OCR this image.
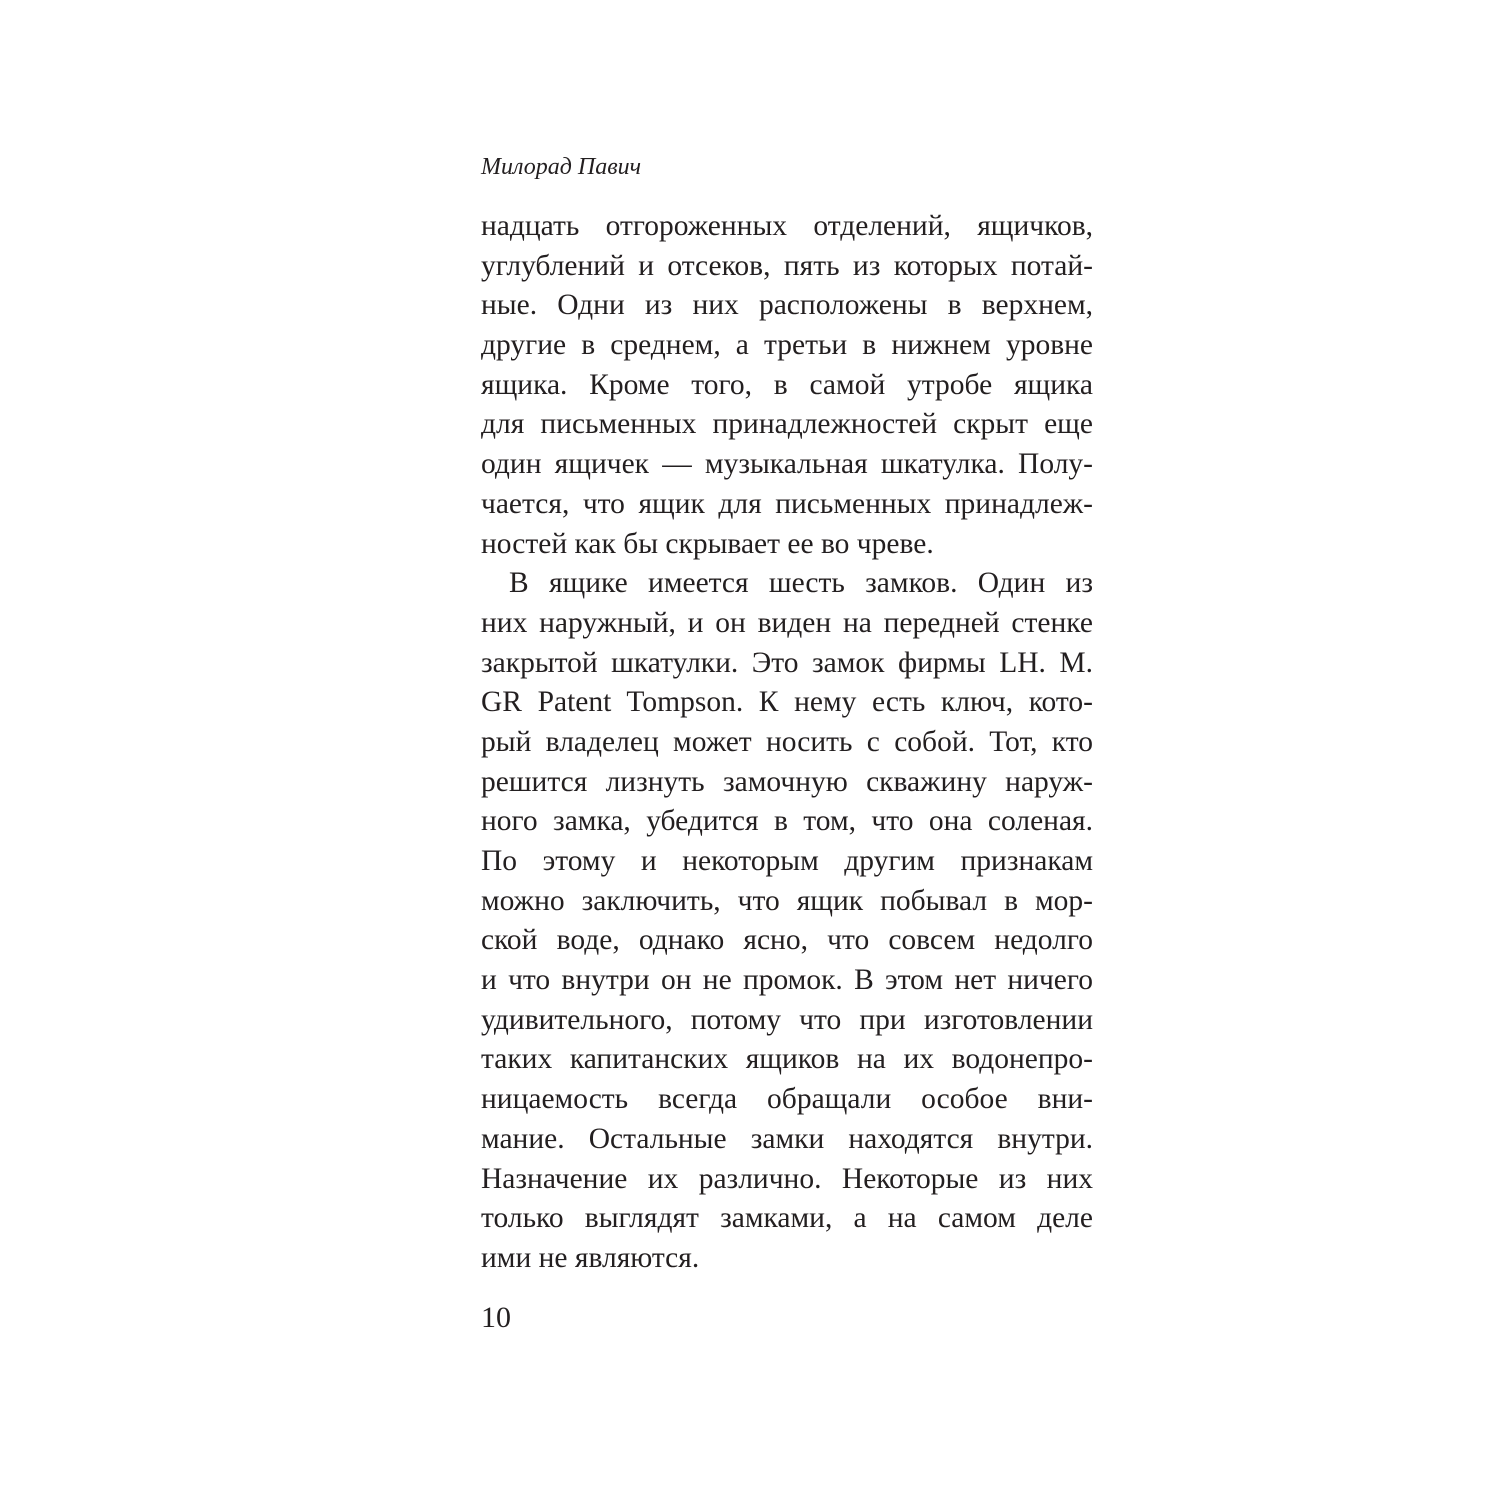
Милорад Павич
надцать отгороженных отделений, ящичков,
углублений и отсеков, пять из которых потай-
ные. Одни из них расположены в верхнем,
другие в среднем, а третьи в нижнем уровне
ящика. Кроме того, в самой утробе ящика
для письменных принадлежностей скрыт еще
один ящичек — музыкальная шкатулка. Полу-
чается, что ящик для письменных принадлеж-
ностей как бы скрывает ее во чреве.
В ящике имеется шесть замков. Один из
них наружный, и он виден на передней стенке
закрытой шкатулки. Это замок фирмы LH. M.
GR Patent Tompson. К нему есть ключ, кото-
рый владелец может носить с собой. Тот, кто
решится лизнуть замочную скважину наруж-
ного замка, убедится в том, что она соленая.
По этому и некоторым другим признакам
можно заключить, что ящик побывал в мор-
ской воде, однако ясно, что совсем недолго
и что внутри он не промок. В этом нет ничего
удивительного, потому что при изготовлении
таких капитанских ящиков на их водонепро-
ницаемость всегда обращали особое вни-
мание. Остальные замки находятся внутри.
Назначение их различно. Некоторые из них
только выглядят замками, а на самом деле
ими не являются.
10
